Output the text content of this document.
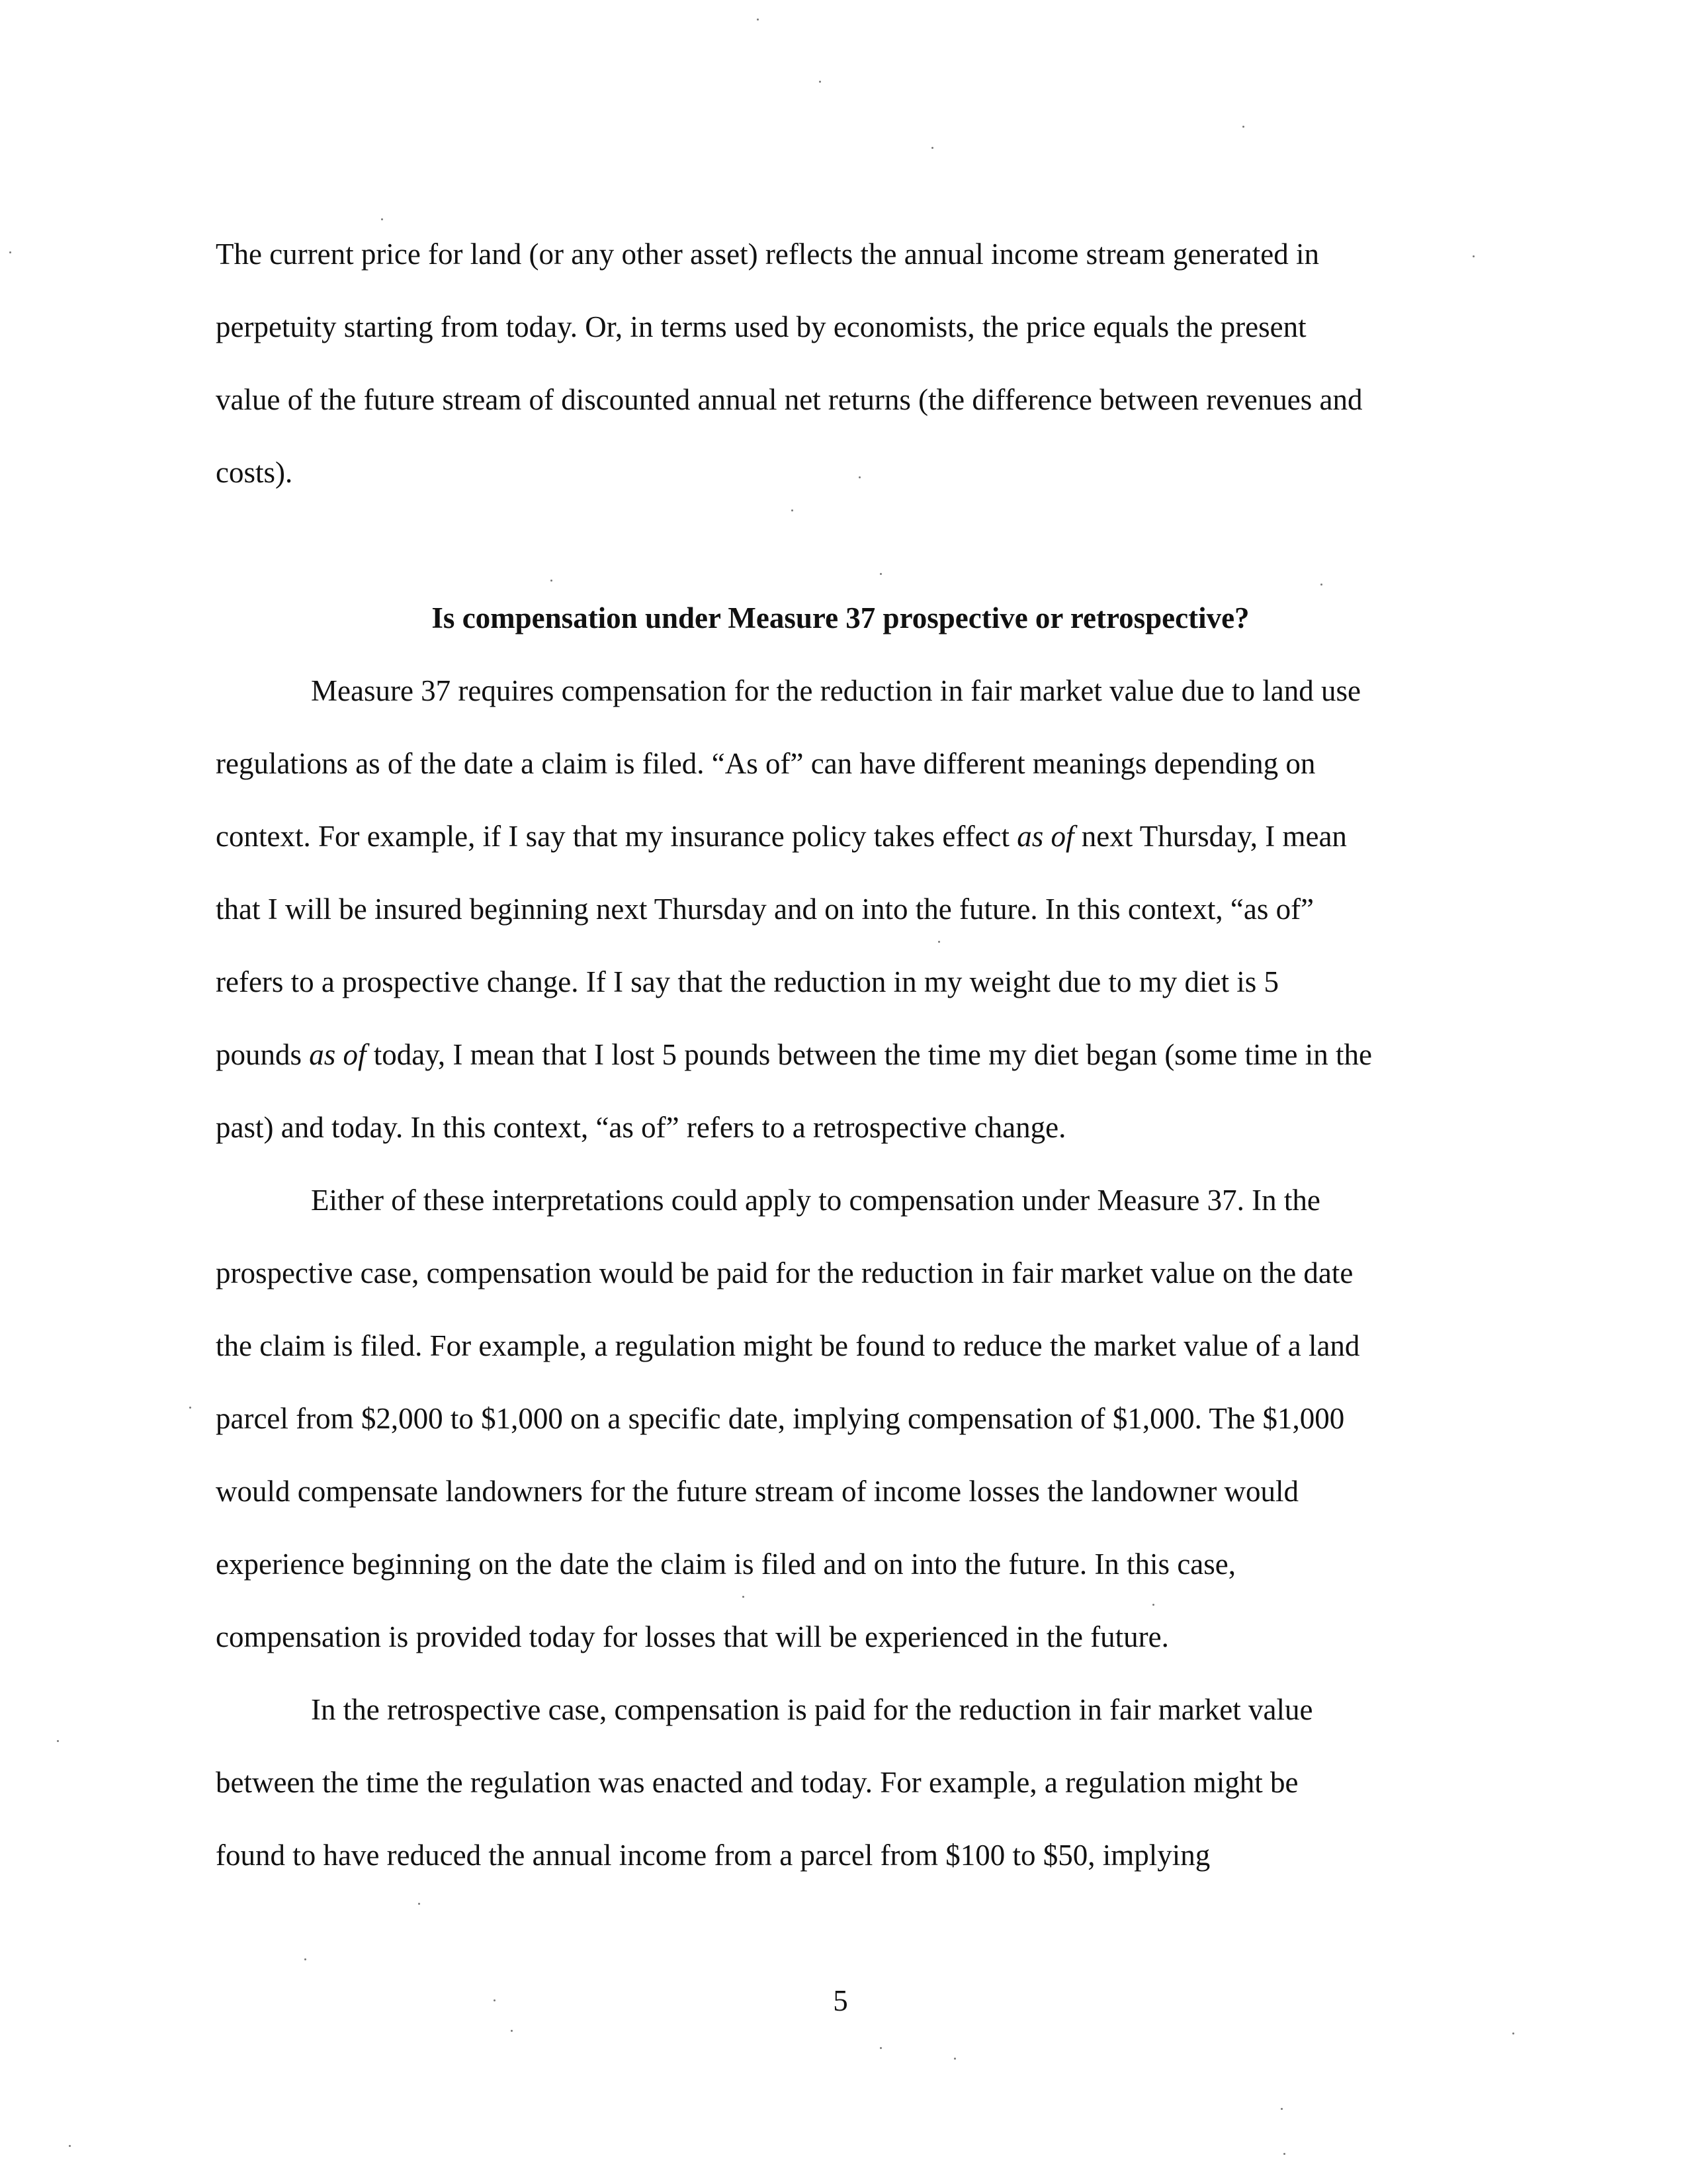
The current price for land (or any other asset) reflects the annual income stream generated in
perpetuity starting from today. Or, in terms used by economists, the price equals the present
value of the future stream of discounted annual net returns (the difference between revenues and
costs).
Is compensation under Measure 37 prospective or retrospective?
Measure 37 requires compensation for the reduction in fair market value due to land use
regulations as of the date a claim is filed. “As of” can have different meanings depending on
context. For example, if I say that my insurance policy takes effect as of next Thursday, I mean
that I will be insured beginning next Thursday and on into the future. In this context, “as of”
refers to a prospective change. If I say that the reduction in my weight due to my diet is 5
pounds as of today, I mean that I lost 5 pounds between the time my diet began (some time in the
past) and today. In this context, “as of” refers to a retrospective change.
Either of these interpretations could apply to compensation under Measure 37. In the
prospective case, compensation would be paid for the reduction in fair market value on the date
the claim is filed. For example, a regulation might be found to reduce the market value of a land
parcel from $2,000 to $1,000 on a specific date, implying compensation of $1,000. The $1,000
would compensate landowners for the future stream of income losses the landowner would
experience beginning on the date the claim is filed and on into the future. In this case,
compensation is provided today for losses that will be experienced in the future.
In the retrospective case, compensation is paid for the reduction in fair market value
between the time the regulation was enacted and today. For example, a regulation might be
found to have reduced the annual income from a parcel from $100 to $50, implying
5
